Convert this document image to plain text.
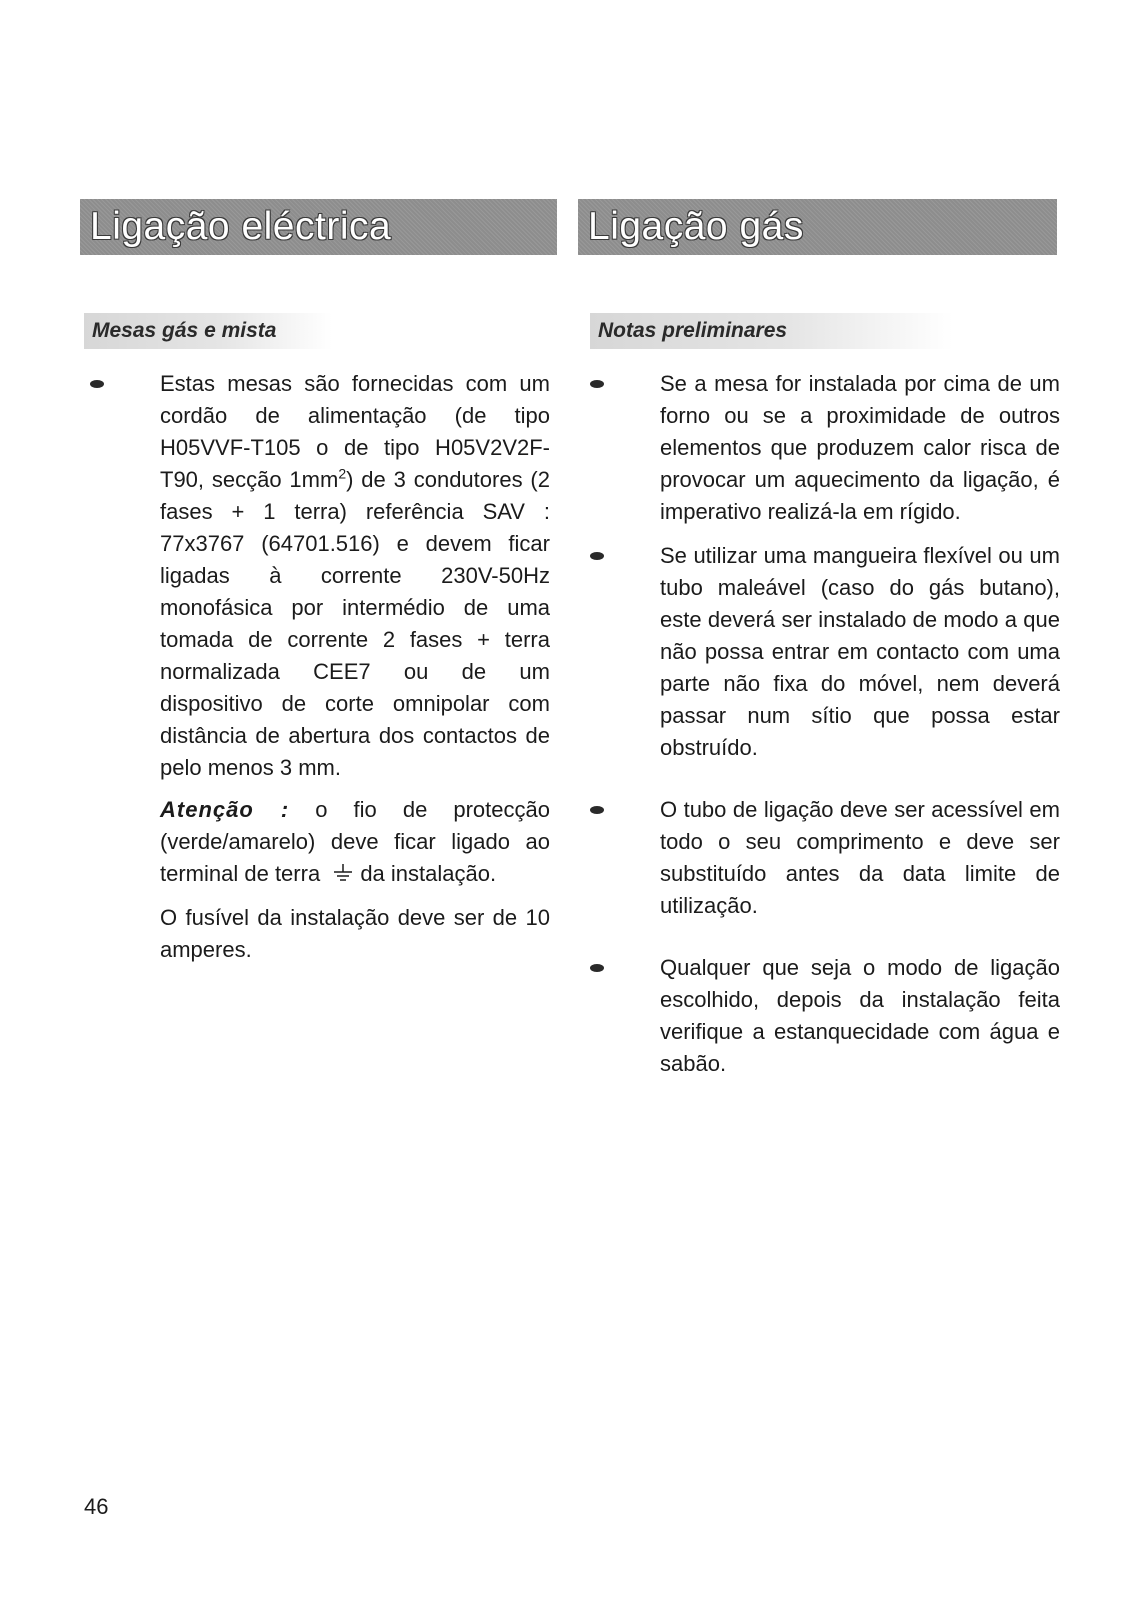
Ligação eléctrica	Ligação gás
Mesas gás e mista	Notas preliminares
Estas mesas são fornecidas com um cordão de alimentação (de tipo H05VVF-T105 o de tipo H05V2V2F-T90, secção $1mm^2$) de 3 condutores (2 fases + 1 terra) referência SAV : 77x3767 (64701.516) e devem ficar ligadas à corrente 230V-50Hz monofásica por intermédio de uma tomada de corrente 2 fases + terra normalizada CEE7 ou de um dispositivo de corte omnipolar com distância de abertura dos contactos de pelo menos 3 mm.
Atenção : o fio de protecção (verde/amarelo) deve ficar ligado ao terminal de terra da instalação.
O fusível da instalação deve ser de 10 amperes.
Se a mesa for instalada por cima de um forno ou se a proximidade de outros elementos que produzem calor risca de provocar um aquecimento da ligação, é imperativo realizá-la em rígido.
Se utilizar uma mangueira flexível ou um tubo maleável (caso do gás butano), este deverá ser instalado de modo a que não possa entrar em contacto com uma parte não fixa do móvel, nem deverá passar num sítio que possa estar obstruído.
O tubo de ligação deve ser acessível em todo o seu comprimento e deve ser substituído antes da data limite de utilização.
Qualquer que seja o modo de ligação escolhido, depois da instalação feita verifique a estanquecidade com água e sabão.
46
